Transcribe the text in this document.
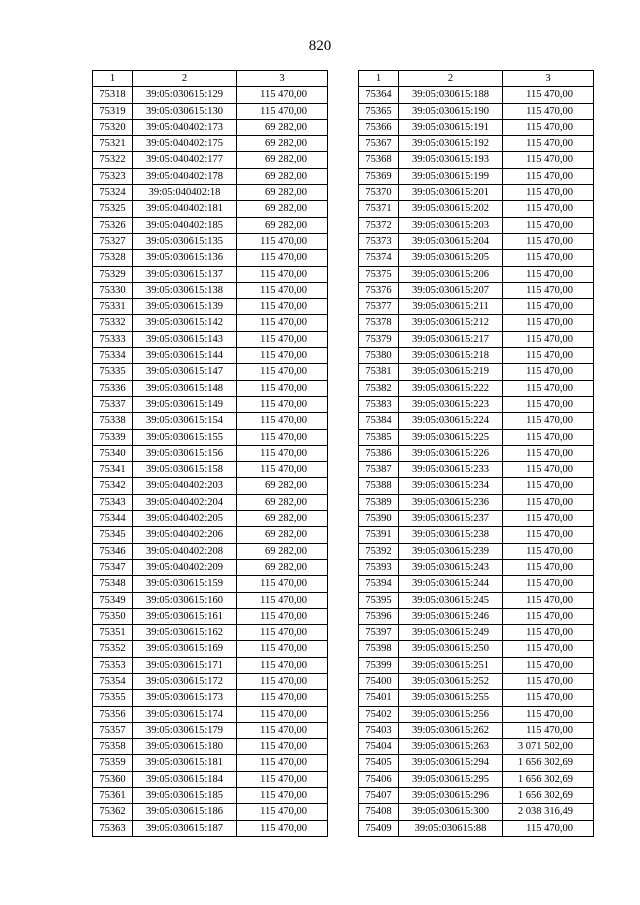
820
1	2	3
75318	39:05:030615:129	115 470,00
75319	39:05:030615:130	115 470,00
75320	39:05:040402:173	69 282,00
75321	39:05:040402:175	69 282,00
75322	39:05:040402:177	69 282,00
75323	39:05:040402:178	69 282,00
75324	39:05:040402:18	69 282,00
75325	39:05:040402:181	69 282,00
75326	39:05:040402:185	69 282,00
75327	39:05:030615:135	115 470,00
75328	39:05:030615:136	115 470,00
75329	39:05:030615:137	115 470,00
75330	39:05:030615:138	115 470,00
75331	39:05:030615:139	115 470,00
75332	39:05:030615:142	115 470,00
75333	39:05:030615:143	115 470,00
75334	39:05:030615:144	115 470,00
75335	39:05:030615:147	115 470,00
75336	39:05:030615:148	115 470,00
75337	39:05:030615:149	115 470,00
75338	39:05:030615:154	115 470,00
75339	39:05:030615:155	115 470,00
75340	39:05:030615:156	115 470,00
75341	39:05:030615:158	115 470,00
75342	39:05:040402:203	69 282,00
75343	39:05:040402:204	69 282,00
75344	39:05:040402:205	69 282,00
75345	39:05:040402:206	69 282,00
75346	39:05:040402:208	69 282,00
75347	39:05:040402:209	69 282,00
75348	39:05:030615:159	115 470,00
75349	39:05:030615:160	115 470,00
75350	39:05:030615:161	115 470,00
75351	39:05:030615:162	115 470,00
75352	39:05:030615:169	115 470,00
75353	39:05:030615:171	115 470,00
75354	39:05:030615:172	115 470,00
75355	39:05:030615:173	115 470,00
75356	39:05:030615:174	115 470,00
75357	39:05:030615:179	115 470,00
75358	39:05:030615:180	115 470,00
75359	39:05:030615:181	115 470,00
75360	39:05:030615:184	115 470,00
75361	39:05:030615:185	115 470,00
75362	39:05:030615:186	115 470,00
75363	39:05:030615:187	115 470,00
1	2	3
75364	39:05:030615:188	115 470,00
75365	39:05:030615:190	115 470,00
75366	39:05:030615:191	115 470,00
75367	39:05:030615:192	115 470,00
75368	39:05:030615:193	115 470,00
75369	39:05:030615:199	115 470,00
75370	39:05:030615:201	115 470,00
75371	39:05:030615:202	115 470,00
75372	39:05:030615:203	115 470,00
75373	39:05:030615:204	115 470,00
75374	39:05:030615:205	115 470,00
75375	39:05:030615:206	115 470,00
75376	39:05:030615:207	115 470,00
75377	39:05:030615:211	115 470,00
75378	39:05:030615:212	115 470,00
75379	39:05:030615:217	115 470,00
75380	39:05:030615:218	115 470,00
75381	39:05:030615:219	115 470,00
75382	39:05:030615:222	115 470,00
75383	39:05:030615:223	115 470,00
75384	39:05:030615:224	115 470,00
75385	39:05:030615:225	115 470,00
75386	39:05:030615:226	115 470,00
75387	39:05:030615:233	115 470,00
75388	39:05:030615:234	115 470,00
75389	39:05:030615:236	115 470,00
75390	39:05:030615:237	115 470,00
75391	39:05:030615:238	115 470,00
75392	39:05:030615:239	115 470,00
75393	39:05:030615:243	115 470,00
75394	39:05:030615:244	115 470,00
75395	39:05:030615:245	115 470,00
75396	39:05:030615:246	115 470,00
75397	39:05:030615:249	115 470,00
75398	39:05:030615:250	115 470,00
75399	39:05:030615:251	115 470,00
75400	39:05:030615:252	115 470,00
75401	39:05:030615:255	115 470,00
75402	39:05:030615:256	115 470,00
75403	39:05:030615:262	115 470,00
75404	39:05:030615:263	3 071 502,00
75405	39:05:030615:294	1 656 302,69
75406	39:05:030615:295	1 656 302,69
75407	39:05:030615:296	1 656 302,69
75408	39:05:030615:300	2 038 316,49
75409	39:05:030615:88	115 470,00
